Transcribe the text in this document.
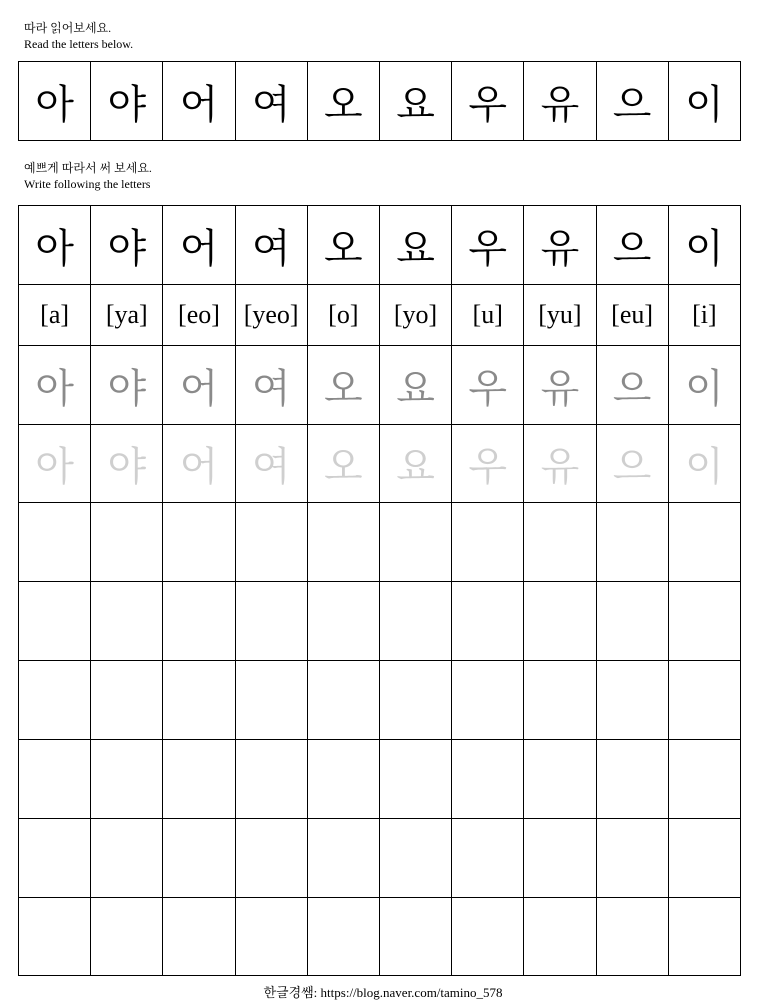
따라 읽어보세요.
Read the letters below.
아	야	어	여	오	요	우	유	으	이
예쁘게 따라서 써 보세요.
Write following the letters
아	야	어	여	오	요	우	유	으	이
[a]	[ya]	[eo]	[yeo]	[o]	[yo]	[u]	[yu]	[eu]	[i]
아	야	어	여	오	요	우	유	으	이
아	야	어	여	오	요	우	유	으	이

한글경쌤: https://blog.naver.com/tamino_578
